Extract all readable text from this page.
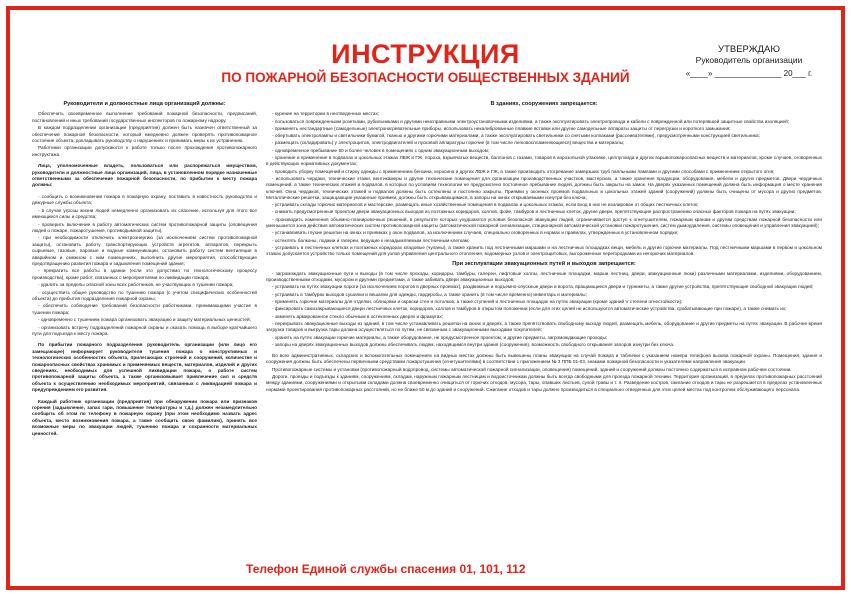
ИНСТРУКЦИЯ
ПО ПОЖАРНОЙ БЕЗОПАСНОСТИ ОБЩЕСТВЕННЫХ ЗДАНИЙ
УТВЕРЖДАЮ
Руководитель организации
«____» _______________ 20___ г.

Руководители и должностные лица организаций должны:

Обеспечить своевременное выполнение требований пожарной безопасности, предписаний, постановлений и иных требований государственных инспекторов по пожарному надзору.

В каждом подразделении организации (предприятия) должен быть назначен ответственный за обеспечение пожарной безопасности, который ежедневно должен проверять противопожарное состояние объекта, докладывать руководству о нарушениях и принимать меры к их устранению.

Работники организации допускаются к работе только после прохождения противопожарного инструктажа.

Лица, уполномоченные владеть, пользоваться или распоряжаться имуществом, руководители и должностные лица организаций, лица, в установленном порядке назначенные ответственными за обеспечение пожарной безопасности, по прибытии к месту пожара должны:

- сообщить о возникновении пожара в пожарную охрану, поставить в известность руководство и дежурные службы объекта;

- в случае угрозы жизни людей немедленно организовать их спасение, используя для этого все имеющиеся силы и средства;

- проверить включение в работу автоматических систем противопожарной защиты (оповещения людей о пожаре, пожаротушения, противодымной защиты);

- при необходимости отключить электроэнергию (за исключением систем противопожарной защиты), остановить работу транспортирующих устройств агрегатов, аппаратов, перекрыть сырьевые, газовые, паровые и водные коммуникации, остановить работу систем вентиляции в аварийном и смежном с ним помещениях, выполнить другие мероприятия, способствующие предотвращению развития пожара и задымления помещений здания;

- прекратить все работы в здании (если это допустимо по технологическому процессу производства), кроме работ, связанных с мероприятиями по ликвидации пожара;

- удалить за пределы опасной зоны всех работников, не участвующих в тушении пожара;

- осуществить общее руководство по тушению пожара (с учетом специфических особенностей объекта) до прибытия подразделения пожарной охраны;

- обеспечить соблюдение требований безопасности работниками, принимающими участие в тушении пожара;

- одновременно с тушением пожара организовать эвакуацию и защиту материальных ценностей;

- организовать встречу подразделений пожарной охраны и оказать помощь в выборе кратчайшего пути для подъезда к месту пожара.

По прибытии пожарного подразделения руководитель организации (или лицо его замещающее) информирует руководителя тушения пожара о конструктивных и технологических особенностях объекта, прилегающих строений и сооружений, количестве и пожароопасных свойствах хранимых и применяемых веществ, материалов, изделий и других сведениях, необходимых для успешной ликвидации пожара, о работе систем противопожарной защиты объекта, а также организовывает привлечение сил и средств объекта к осуществлению необходимых мероприятий, связанных с ликвидацией пожара и предупреждением его развития.

Каждый работник организации (предприятия) при обнаружении пожара или признаков горения (задымление, запах гари, повышение температуры и т.д.) должен незамедлительно сообщить об этом по телефону в пожарную охрану (при этом необходимо назвать адрес объекта, место возникновения пожара, а также сообщить свою фамилию), принять все возможные меры по эвакуации людей, тушению пожара и сохранности материальных ценностей.

В зданиях, сооружениях запрещается:

- курение на территории в неотведенных местах;

- пользоваться поврежденными розетками, рубильниками и другими неисправными электроустановочными изделиями, а также эксплуатировать электропровода и кабели с поврежденной или потерявшей защитные свойства изоляцией;

- применять нестандартные (самодельные) электронагревательные приборы, использовать некалиброванные плавкие вставки или другие самодельные аппараты защиты от перегрузки и короткого замыкания;

- обертывать электролампы и светильники бумагой, тканью и другими горючими материалами, а также эксплуатировать светильники со снятыми колпаками (рассеивателями), предусмотренными конструкцией светильника;

- размещать (складировать) у электрощитов, электродвигателей и пусковой аппаратуры горючие (в том числе легковоспламеняющиеся) вещества и материалы;

- одновременное пребывание 50 и более человек в помещениях с одним эвакуационным выходом;

- хранение и применение в подвалах и цокольных этажах ЛВЖ и ГЖ, пороха, взрывчатых веществ, баллонов с газами, товаров в аэрозольной упаковке, целлулоида и других взрывопожароопасных веществ и материалов, кроме случаев, оговоренных в действующих нормативных документах;

- проводить уборку помещений и стирку одежды с применением бензина, керосина и других ЛВЖ и ГЖ, а также производить отогревание замерзших труб паяльными лампами и другими способами с применением открытого огня;

- использовать чердаки, технические этажи, вентикамеры и другие технические помещения для организации производственных участков, мастерских, а также хранения продукции, оборудования, мебели и других предметов. Двери чердачных помещений, а также технических этажей и подвалов, в которых по условиям технологии не предусмотено постоянное пребывание людей, должны быть закрыты на замок. На дверях указанных помещений должна быть информация о месте хранения ключей. Окна чердаков, технических этажей и подвалов должны быть остеклены и постоянно закрыты. Приямки у оконных проемов подвальных и цокольных этажей зданий (сооружений) должны быть очищены от мусора и других предметов. Металлические решетки, защищающие указанные приямки, должны быть открывающимися, а запоры на окнах открываемыми изнутри без ключа;

- устраивать склады горючих материалов и мастерские, размещать иные хозяйственные помещения в подвалах и цокольных этажах, если вход в них не изолирован от общих лестничных клеток;

- снимать предусмотренные проектом двери эвакуационных выходов из поэтажных коридоров, холлов, фойе, тамбуров и лестничных клеток, другие двери, препятствующие распространению опасных факторов пожара на путях эвакуации;

- производить изменения объемно-планировочных решений, в результате которых ухудшаются условия безопасной эвакуации людей, ограничивается доступ к огнетушителям, пожарным кранам и другим средствам пожарной безопасности или уменьшается зона действия автоматических систем противопожарной защиты (автоматической пожарной сигнализации, стационарной автоматической установки пожаротушения, систем дымоудаления, системы оповещения и управления эвакуацией);

- устанавливать глухие решетки на окнах и приямках у окон подвалов, за исключением случаев, специально оговоренных в нормах и правилах, утвержденных в установленном порядке;

- остеклять балконы, лоджии и галереи, ведущие к незадымляемым лестничным клеткам;

- устраивать в лестничных клетках и поэтажных коридорах кладовые (чуланы), а также хранить под лестничными маршами и на лестничных площадках вещи, мебель и другие горючие материалы. Под лестничными маршами в первом и цокольном этажах допускается устройство только помещений для узлов управления центрального отопления, водомерных узлов и электрощитовых, выгороженных перегородками из негорючих материалов.

При эксплуатации эвакуационных путей и выходов запрещается:

- загромождать эвакуационные пути и выходы (в том числе проходы, коридоры, тамбуры, галереи, лифтовые холлы, лестничные площадки, марши лестниц, двери, эвакуационные люки) различными материалами, изделиями, оборудованием, производственными отходами, мусором и другими предметами, а также забивать двери эвакуационных выходов;

- устраивать на путях эвакуации пороги (за исключением порогов в дверных проемах), раздвижные и подъемно-опускные двери и ворота, вращающиеся двери и турникеты, а также другие устройства, препятствующие свободной эвакуации людей;

- устраивать в тамбурах выходов сушилки и вешалки для одежды, гардеробы, а также хранить (в том числе временно) инвентарь и материалы;

- применять горючие материалы для отделки, облицовки и окраски стен и потолков, а также ступеней и лестничных площадок на путях эвакуации (кроме зданий V степени огнестойкости);

- фиксировать самозакрывающиеся двери лестничных клеток, коридоров, холлов и тамбуров в открытом положении (если для этих целей не используются автоматические устройства, срабатывающие при пожаре), а также снимать их;

- заменять армированное стекло обычным в остекленных дверях и фрамугах;

- перекрывать эвакуационные выходы из зданий, в том числе устанавливать решетки на окнах и дверях, а также препятствовать свободному выходу людей, размещать мебель, оборудование и другие предметы на путях эвакуации. В рабочее время загрузка товаров и выгрузка тары должна осуществляться по путям, не связанным с эвакуационными выходами покупателей;

- хранить на путях эвакуации горючие материалы, а также оборудование, не предусмотренное проектом, и другие предметы, загромождающие проходы;

- запоры на дверях эвакуационных выходов должны обеспечивать людям, находящимся внутри здания (сооружения), возможность свободного открывания запоров изнутри без ключа.

Во всех административных, складских и вспомогательных помещениях на видных местах должны быть вывешены планы эвакуации на случай пожара и таблички с указанием номера телефона вызова пожарной охраны. Помещения, здания и сооружения должны быть обеспечены первичными средствами пожаротушения (огнетушителями) в соответствии с приложением № 3 ППБ 01-03, знаками пожарной безопасности и указателями направления эвакуации.

Противопожарные системы и установки (противопожарный водопровод, системы автоматической пожарной сигнализации, оповещения) помещений, зданий и сооружений должны постоянно содержаться в исправном рабочем состоянии.

Дороги, проезды и подъезды к зданиям, сооружениям, складам, наружным пожарным лестницам и водоисточникам должны быть всегда свободными для проезда пожарной техники. Территория организаций, в пределах противопожарных расстояний между зданиями, сооружениями и открытыми складами должна своевременно очищаться от горючих отходов, мусора, тары, опавших листьев, сухой травы и т. п. Разведение костров, сжигание отходов и тары не разрешается в пределах установленных нормами проектирования противопожарных расстояний, но не ближе 50 м до зданий и сооружений. Сжигание отходов и тары должно производиться в специально отведенных для этих целей местах под контролем обслуживающего персонала.

Телефон Единой службы спасения 01, 101, 112
